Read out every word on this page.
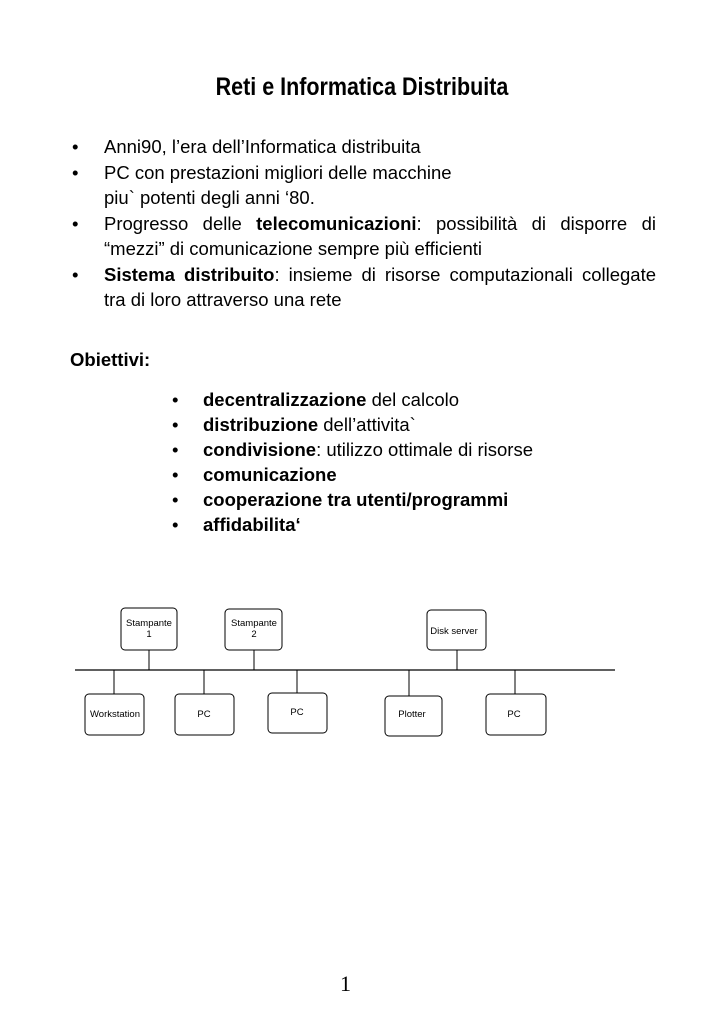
Reti e Informatica Distribuita
• Anni90, l’era dell’Informatica distribuita
• PC con prestazioni migliori delle macchine
piu` potenti degli anni ‘80.
• Progresso delle telecomunicazioni: possibilità di disporre di “mezzi” di comunicazione sempre più efficienti
• Sistema distribuito: insieme di risorse computazionali collegate tra di loro attraverso una rete
Obiettivi:
• decentralizzazione del calcolo
• distribuzione dell’attivita`
• condivisione: utilizzo ottimale di risorse
• comunicazione
• cooperazione tra utenti/programmi
• affidabilita‘
Stampante
1
Stampante
2	Disk server
Workstation	PC	PC	Plotter	PC
1
